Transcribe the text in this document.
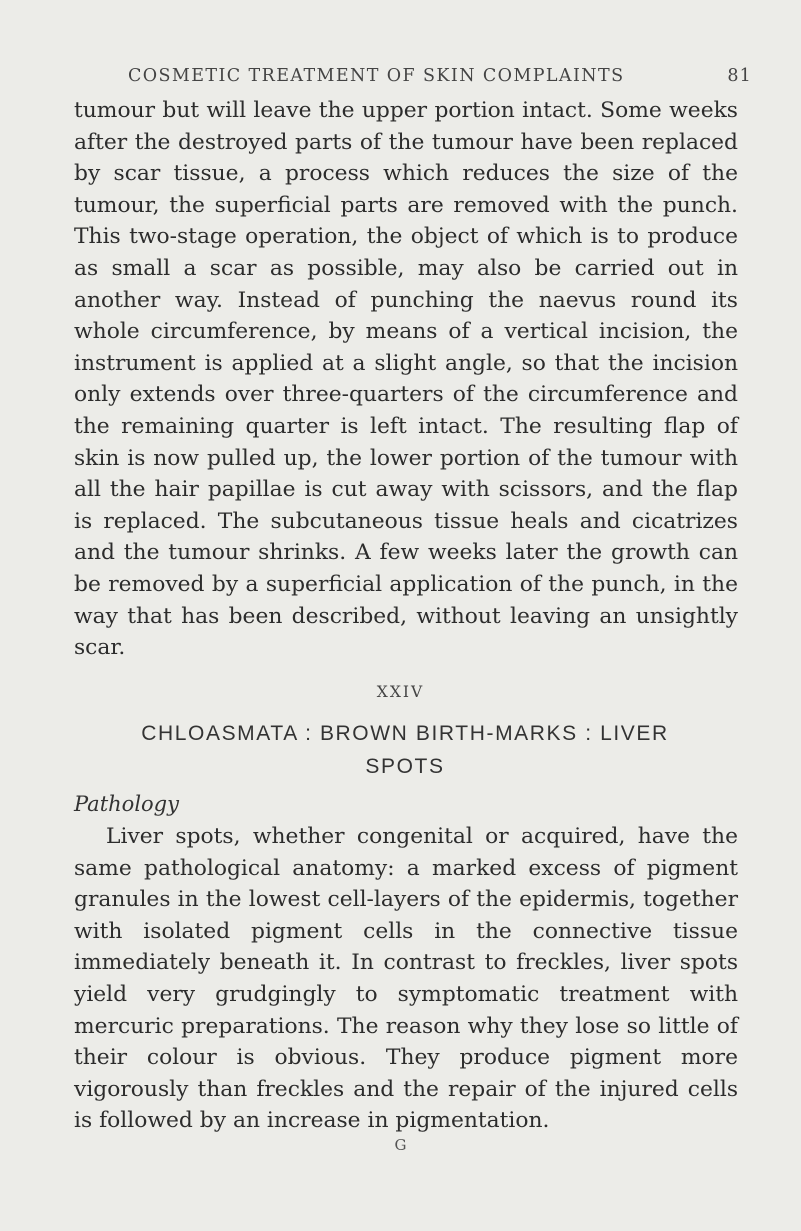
COSMETIC TREATMENT OF SKIN COMPLAINTS	81

tumour but will leave the upper portion intact. Some weeks after the destroyed parts of the tumour have been replaced by scar tissue, a process which reduces the size of the tumour, the superficial parts are removed with the punch. This two-stage operation, the object of which is to produce as small a scar as possible, may also be carried out in another way. Instead of punching the naevus round its whole circumference, by means of a vertical incision, the instrument is applied at a slight angle, so that the incision only extends over three-quarters of the circumference and the remaining quarter is left intact. The resulting flap of skin is now pulled up, the lower portion of the tumour with all the hair papillae is cut away with scissors, and the flap is replaced. The subcutaneous tissue heals and cicatrizes and the tumour shrinks. A few weeks later the growth can be removed by a superficial application of the punch, in the way that has been described, without leaving an unsightly scar.

XXIV
CHLOASMATA : BROWN BIRTH-MARKS : LIVER SPOTS
Pathology

Liver spots, whether congenital or acquired, have the same pathological anatomy: a marked excess of pigment granules in the lowest cell-layers of the epidermis, together with isolated pigment cells in the connective tissue immediately beneath it. In contrast to freckles, liver spots yield very grudgingly to symptomatic treatment with mercuric preparations. The reason why they lose so little of their colour is obvious. They produce pigment more vigorously than freckles and the repair of the injured cells is followed by an increase in pigmentation.

G
